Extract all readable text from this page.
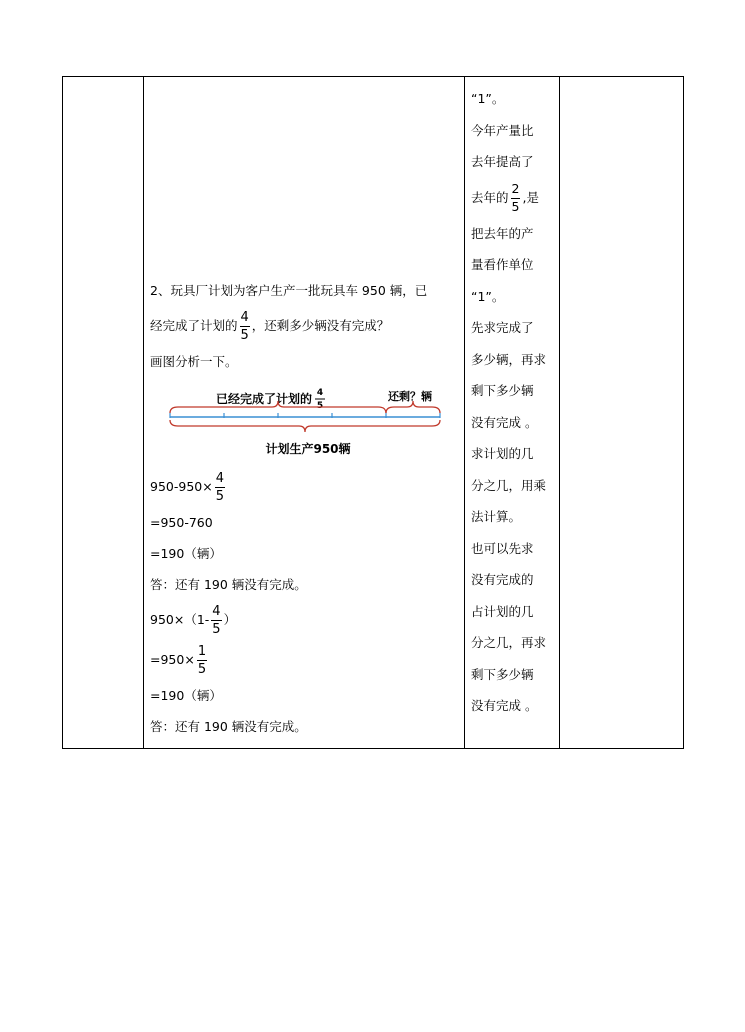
2、玩具厂计划为客户生产一批玩具车 950 辆，已
经完成了计划的 $\frac{4}{5}$ ，还剩多少辆没有完成？
画图分析一下。
已经完成了计划的 4
5
还剩？辆
计划生产950辆
$950-950\times \frac{4}{5}$
=950-760
=190（辆）
答：还有 190 辆没有完成。
$950\times(1- \frac{4}{5}$ ）
$=950\times \frac{1}{5}$
=190（辆）
答：还有 190 辆没有完成。

“1”。
今年产量比
去年提高了
去年的 $\frac{2}{5}$ ,是
把去年的产
量看作单位
“1”。
先求完成了
多少辆，再求
剩下多少辆
没有完成 。
求计划的几
分之几，用乘
法计算。
也可以先求
没有完成的
占计划的几
分之几，再求
剩下多少辆
没有完成 。
